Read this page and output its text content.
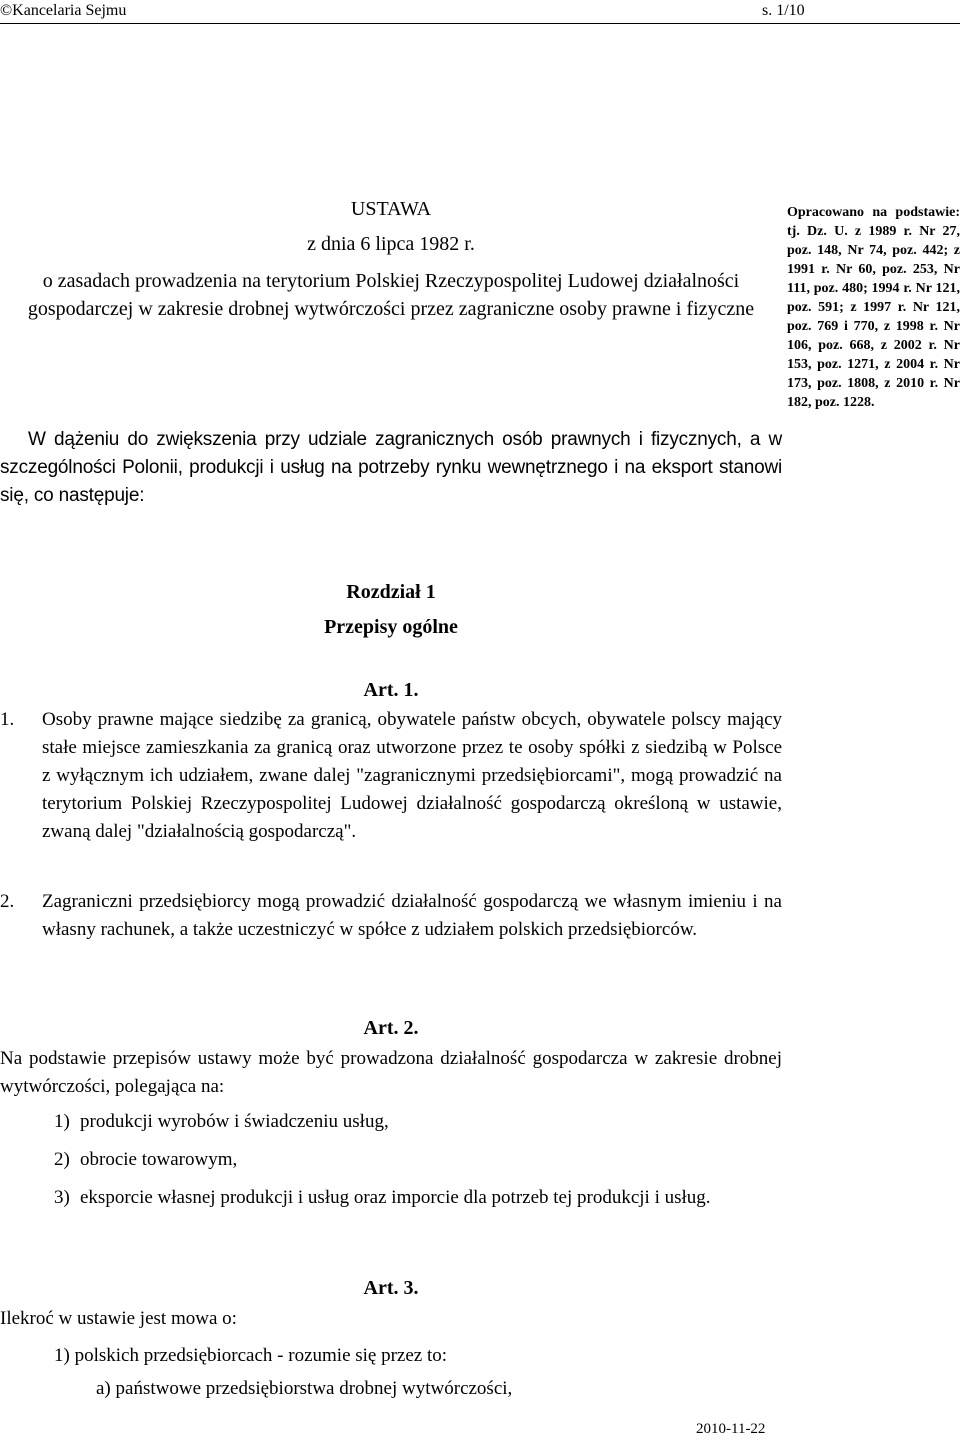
©Kancelaria Sejmu	s. 1/10
USTAWA
z dnia 6 lipca 1982 r.
o zasadach prowadzenia na terytorium Polskiej Rzeczypospolitej Ludowej działalności gospodarczej w zakresie drobnej wytwórczości przez zagraniczne osoby prawne i fizyczne
Opracowano na podstawie: tj. Dz. U. z 1989 r. Nr 27, poz. 148, Nr 74, poz. 442; z 1991 r. Nr 60, poz. 253, Nr 111, poz. 480; 1994 r. Nr 121, poz. 591; z 1997 r. Nr 121, poz. 769 i 770, z 1998 r. Nr 106, poz. 668, z 2002 r. Nr 153, poz. 1271, z 2004 r. Nr 173, poz. 1808, z 2010 r. Nr 182, poz. 1228.
W dążeniu do zwiększenia przy udziale zagranicznych osób prawnych i fizycznych, a w szczególności Polonii, produkcji i usług na potrzeby rynku wewnętrznego i na eksport stanowi się, co następuje:
Rozdział 1
Przepisy ogólne
Art. 1.
1. Osoby prawne mające siedzibę za granicą, obywatele państw obcych, obywatele polscy mający stałe miejsce zamieszkania za granicą oraz utworzone przez te osoby spółki z siedzibą w Polsce z wyłącznym ich udziałem, zwane dalej "zagranicznymi przedsiębiorcami", mogą prowadzić na terytorium Polskiej Rzeczypospolitej Ludowej działalność gospodarczą określoną w ustawie, zwaną dalej "działalnością gospodarczą".
2. Zagraniczni przedsiębiorcy mogą prowadzić działalność gospodarczą we własnym imieniu i na własny rachunek, a także uczestniczyć w spółce z udziałem polskich przedsiębiorców.
Art. 2.
Na podstawie przepisów ustawy może być prowadzona działalność gospodarcza w zakresie drobnej wytwórczości, polegająca na:
1) produkcji wyrobów i świadczeniu usług,
2) obrocie towarowym,
3) eksporcie własnej produkcji i usług oraz imporcie dla potrzeb tej produkcji i usług.
Art. 3.
Ilekroć w ustawie jest mowa o:
1) polskich przedsiębiorcach - rozumie się przez to:
a) państwowe przedsiębiorstwa drobnej wytwórczości,
2010-11-22
